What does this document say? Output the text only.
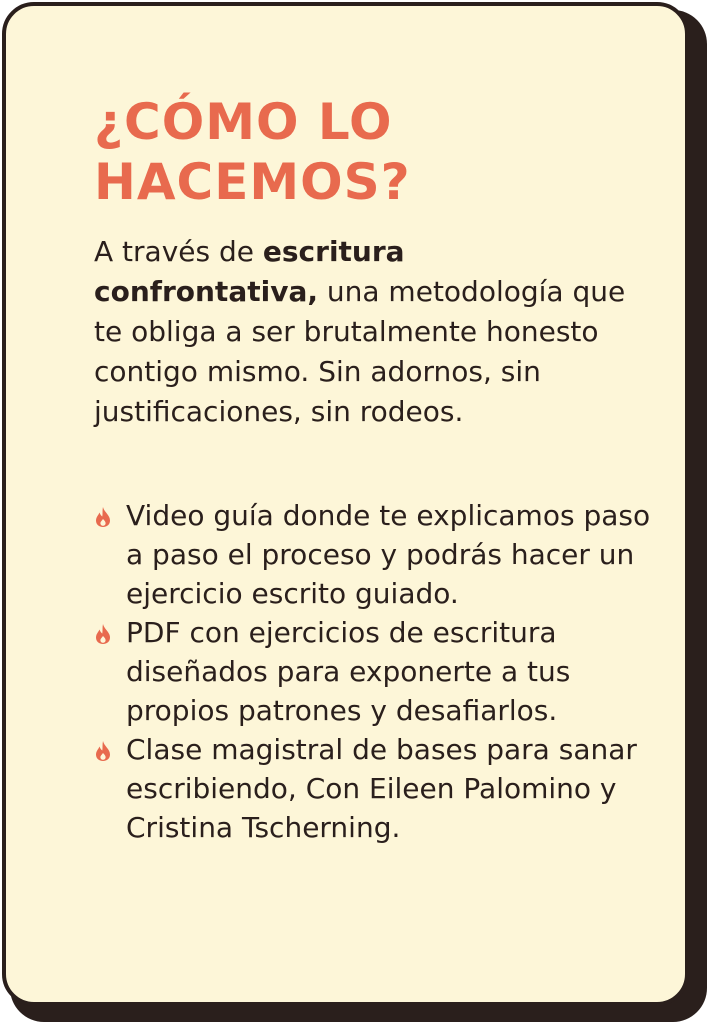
¿CÓMO LO
HACEMOS?

A través de escritura confrontativa, una metodología que te obliga a ser brutalmente honesto contigo mismo. Sin adornos, sin justificaciones, sin rodeos.

Video guía donde te explicamos paso a paso el proceso y podrás hacer un ejercicio escrito guiado.
PDF con ejercicios de escritura diseñados para exponerte a tus propios patrones y desafiarlos.
Clase magistral de bases para sanar escribiendo, Con Eileen Palomino y Cristina Tscherning.
